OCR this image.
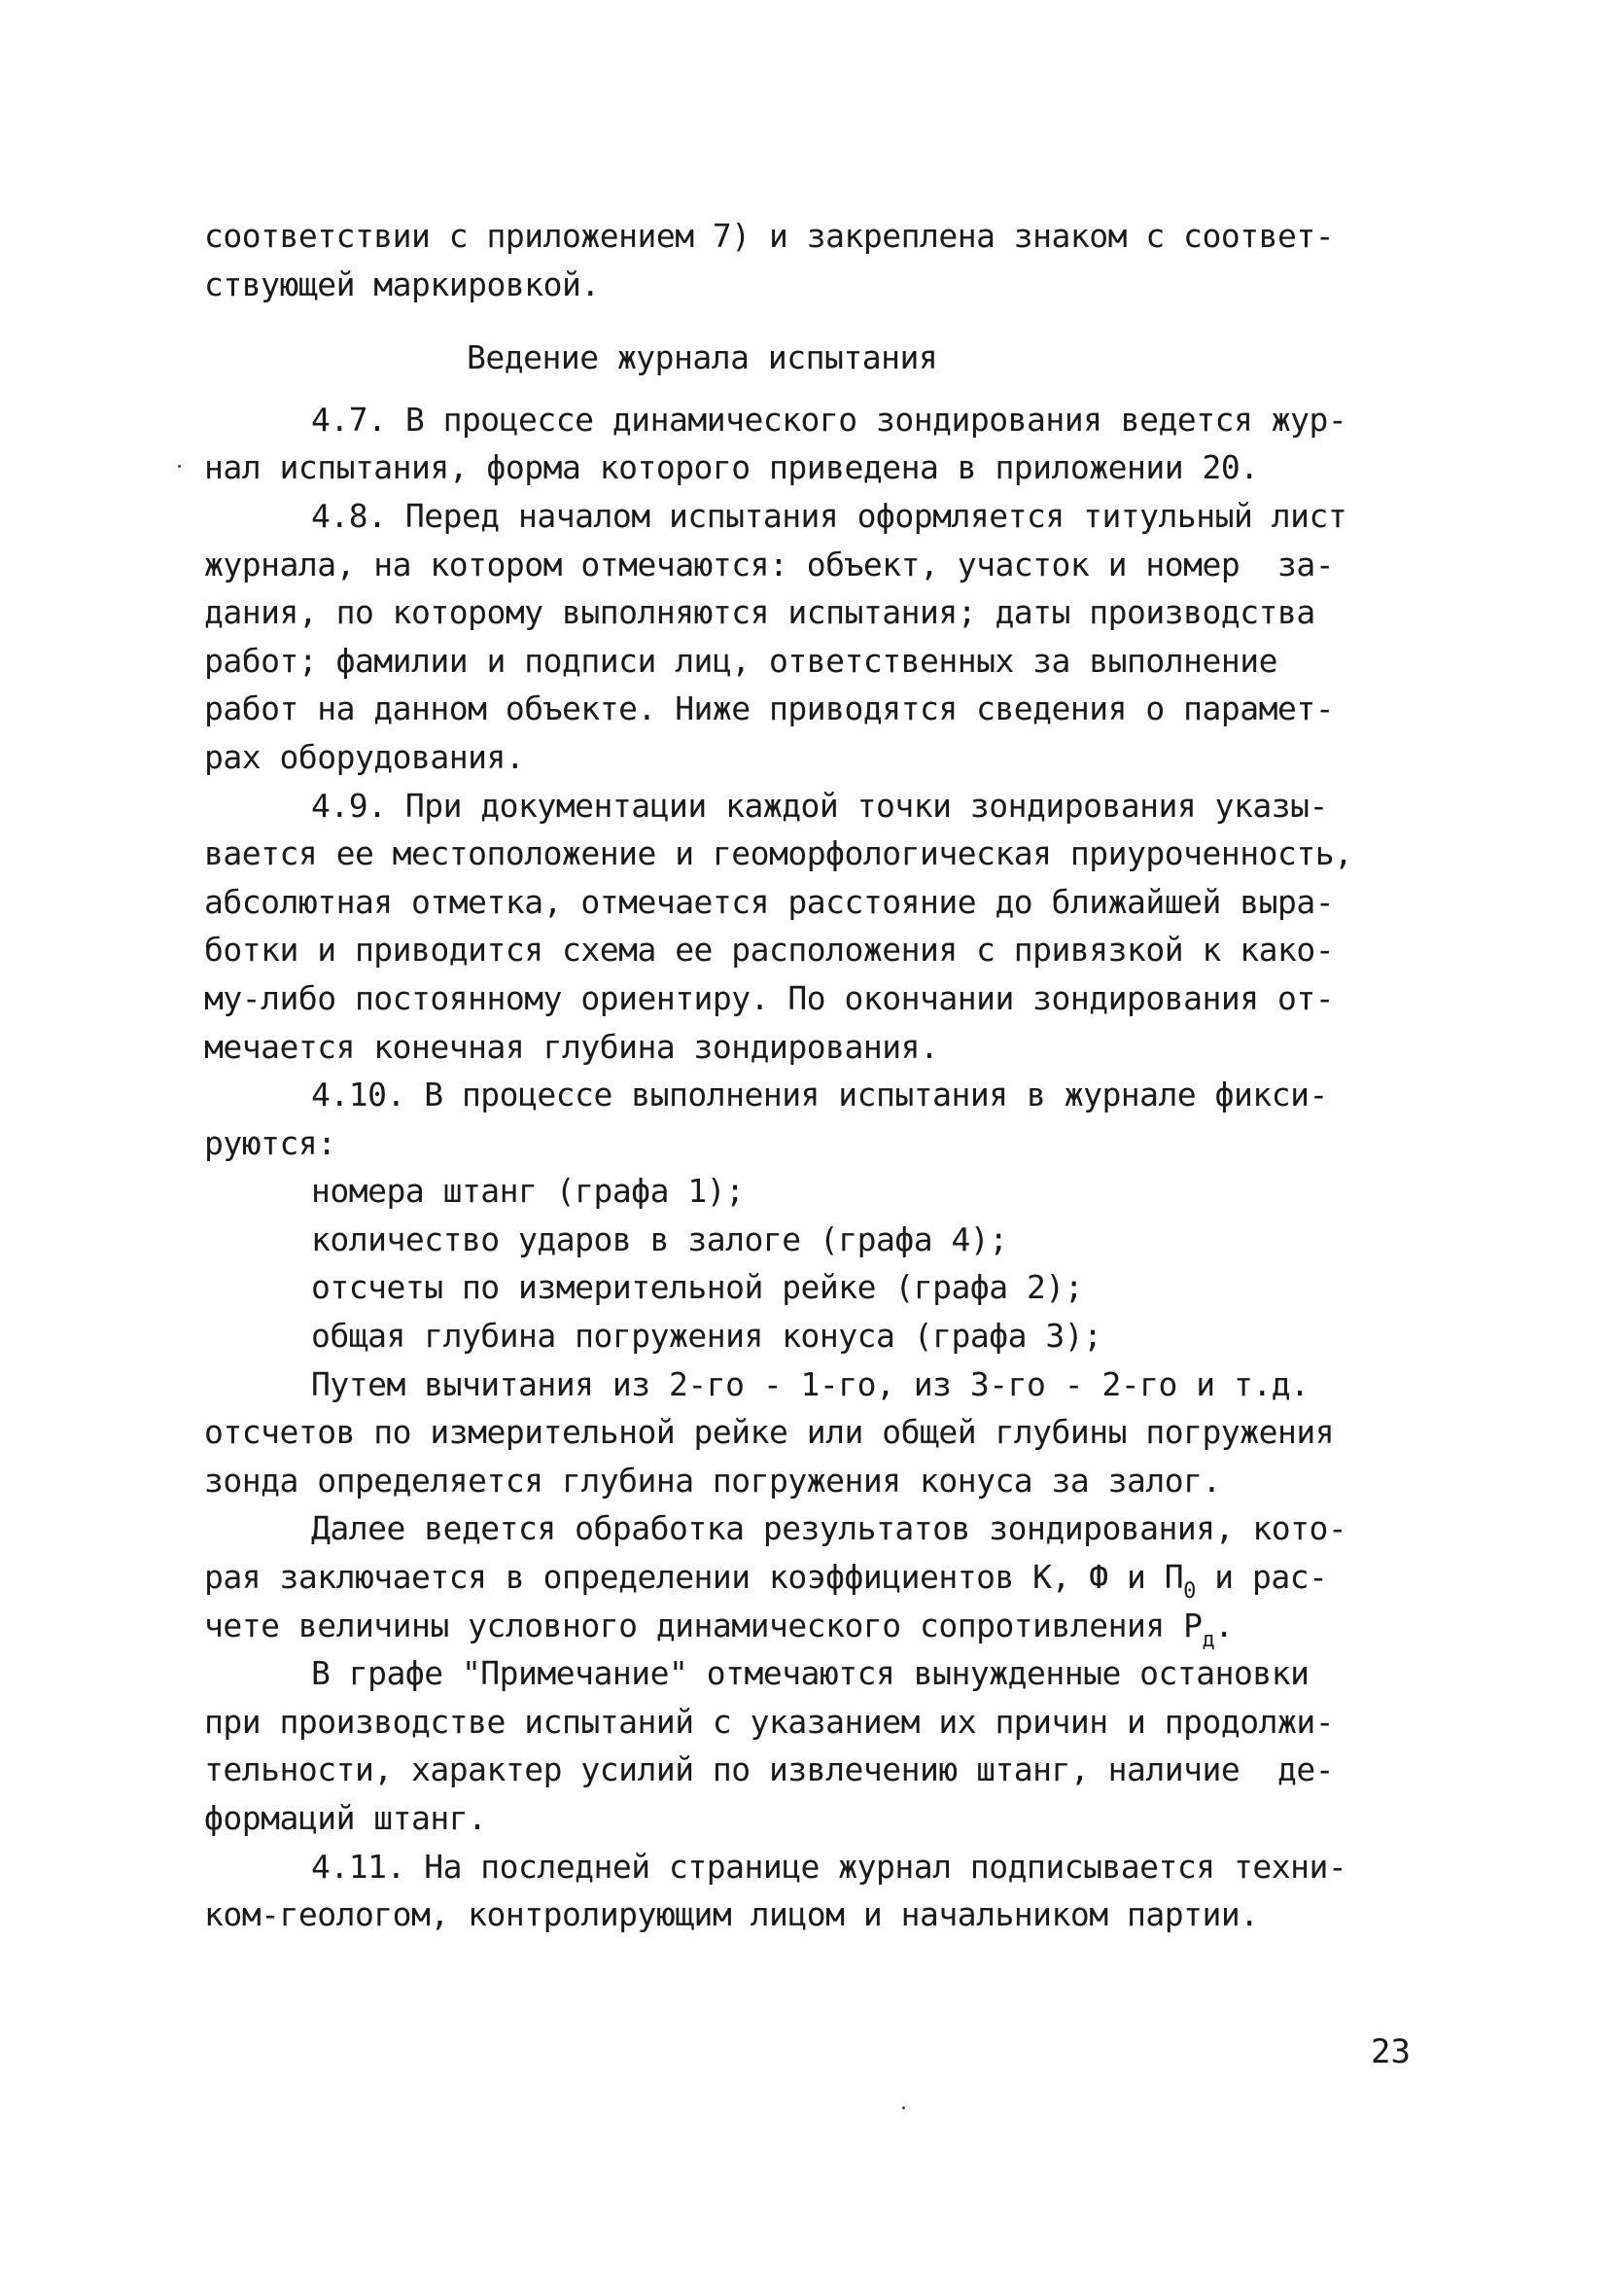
соответствии с приложением 7) и закреплена знаком с соответ-
ствующей маркировкой.
Ведение журнала испытания
4.7. В процессе динамического зондирования ведется жур-
нал испытания, форма которого приведена в приложении 20.
4.8. Перед началом испытания оформляется титульный лист
журнала, на котором отмечаются: объект, участок и номер  за-
дания, по которому выполняются испытания; даты производства
работ; фамилии и подписи лиц, ответственных за выполнение
работ на данном объекте. Ниже приводятся сведения о парамет-
рах оборудования.
4.9. При документации каждой точки зондирования указы-
вается ее местоположение и геоморфологическая приуроченность,
абсолютная отметка, отмечается расстояние до ближайшей выра-
ботки и приводится схема ее расположения с привязкой к како-
му-либо постоянному ориентиру. По окончании зондирования от-
мечается конечная глубина зондирования.
4.10. В процессе выполнения испытания в журнале фикси-
руются:
номера штанг (графа 1);
количество ударов в залоге (графа 4);
отсчеты по измерительной рейке (графа 2);
общая глубина погружения конуса (графа 3);
Путем вычитания из 2-го - 1-го, из 3-го - 2-го и т.д.
отсчетов по измерительной рейке или общей глубины погружения
зонда определяется глубина погружения конуса за залог.
Далее ведется обработка результатов зондирования, кото-
рая заключается в определении коэффициентов К, Ф и $П_0$ и рас-
чете величины условного динамического сопротивления $Р_д$.
В графе "Примечание" отмечаются вынужденные остановки
при производстве испытаний с указанием их причин и продолжи-
тельности, характер усилий по извлечению штанг, наличие  де-
формаций штанг.
4.11. На последней странице журнал подписывается техни-
ком-геологом, контролирующим лицом и начальником партии.
23
